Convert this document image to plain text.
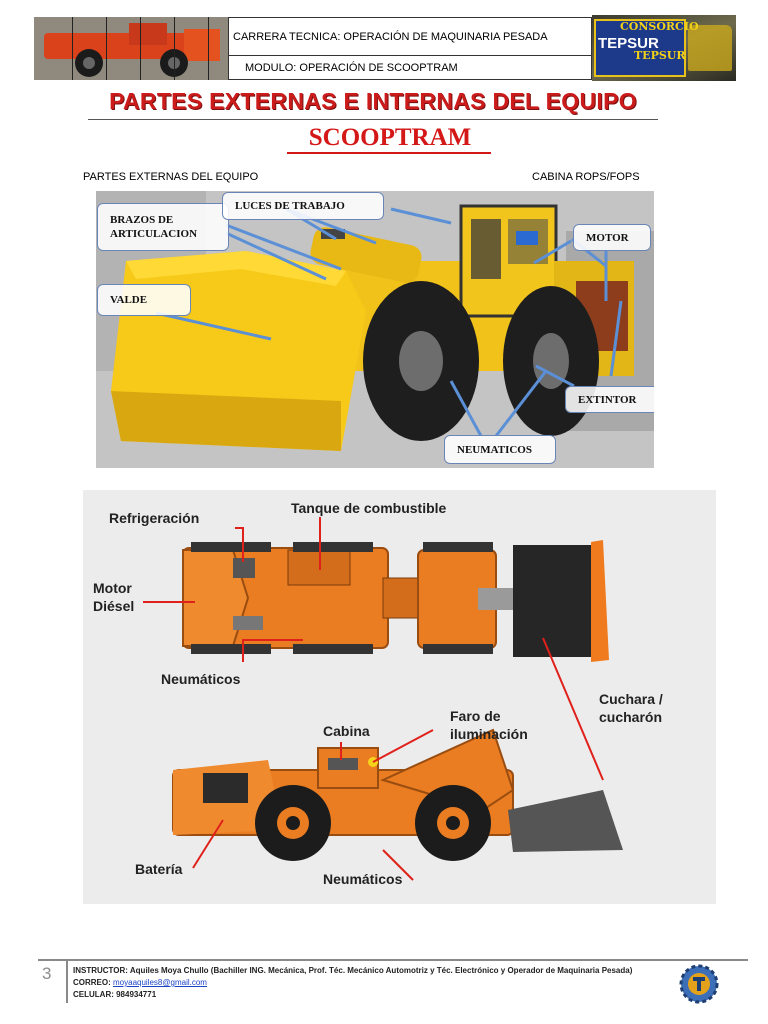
CARRERA TECNICA: OPERACIÓN DE MAQUINARIA PESADA
MODULO: OPERACIÓN DE SCOOPTRAM
CONSORCIO
TEPSUR
TEPSUR
PARTES EXTERNAS E INTERNAS DEL EQUIPO
SCOOPTRAM
PARTES EXTERNAS DEL EQUIPO	CABINA ROPS/FOPS
BRAZOS DE
ARTICULACION
LUCES DE TRABAJO
MOTOR
VALDE
EXTINTOR
NEUMATICOS
Refrigeración
Tanque de combustible
Motor
Diésel
Neumáticos
Cuchara /
cucharón
Cabina
Faro de
iluminación
Batería
Neumáticos
3	INSTRUCTOR: Aquiles Moya Chullo (Bachiller ING. Mecánica, Prof. Téc. Mecánico Automotriz y Téc. Electrónico y Operador de Maquinaria Pesada)
CORREO: moyaaquiles8@gmail.com
CELULAR: 984934771
